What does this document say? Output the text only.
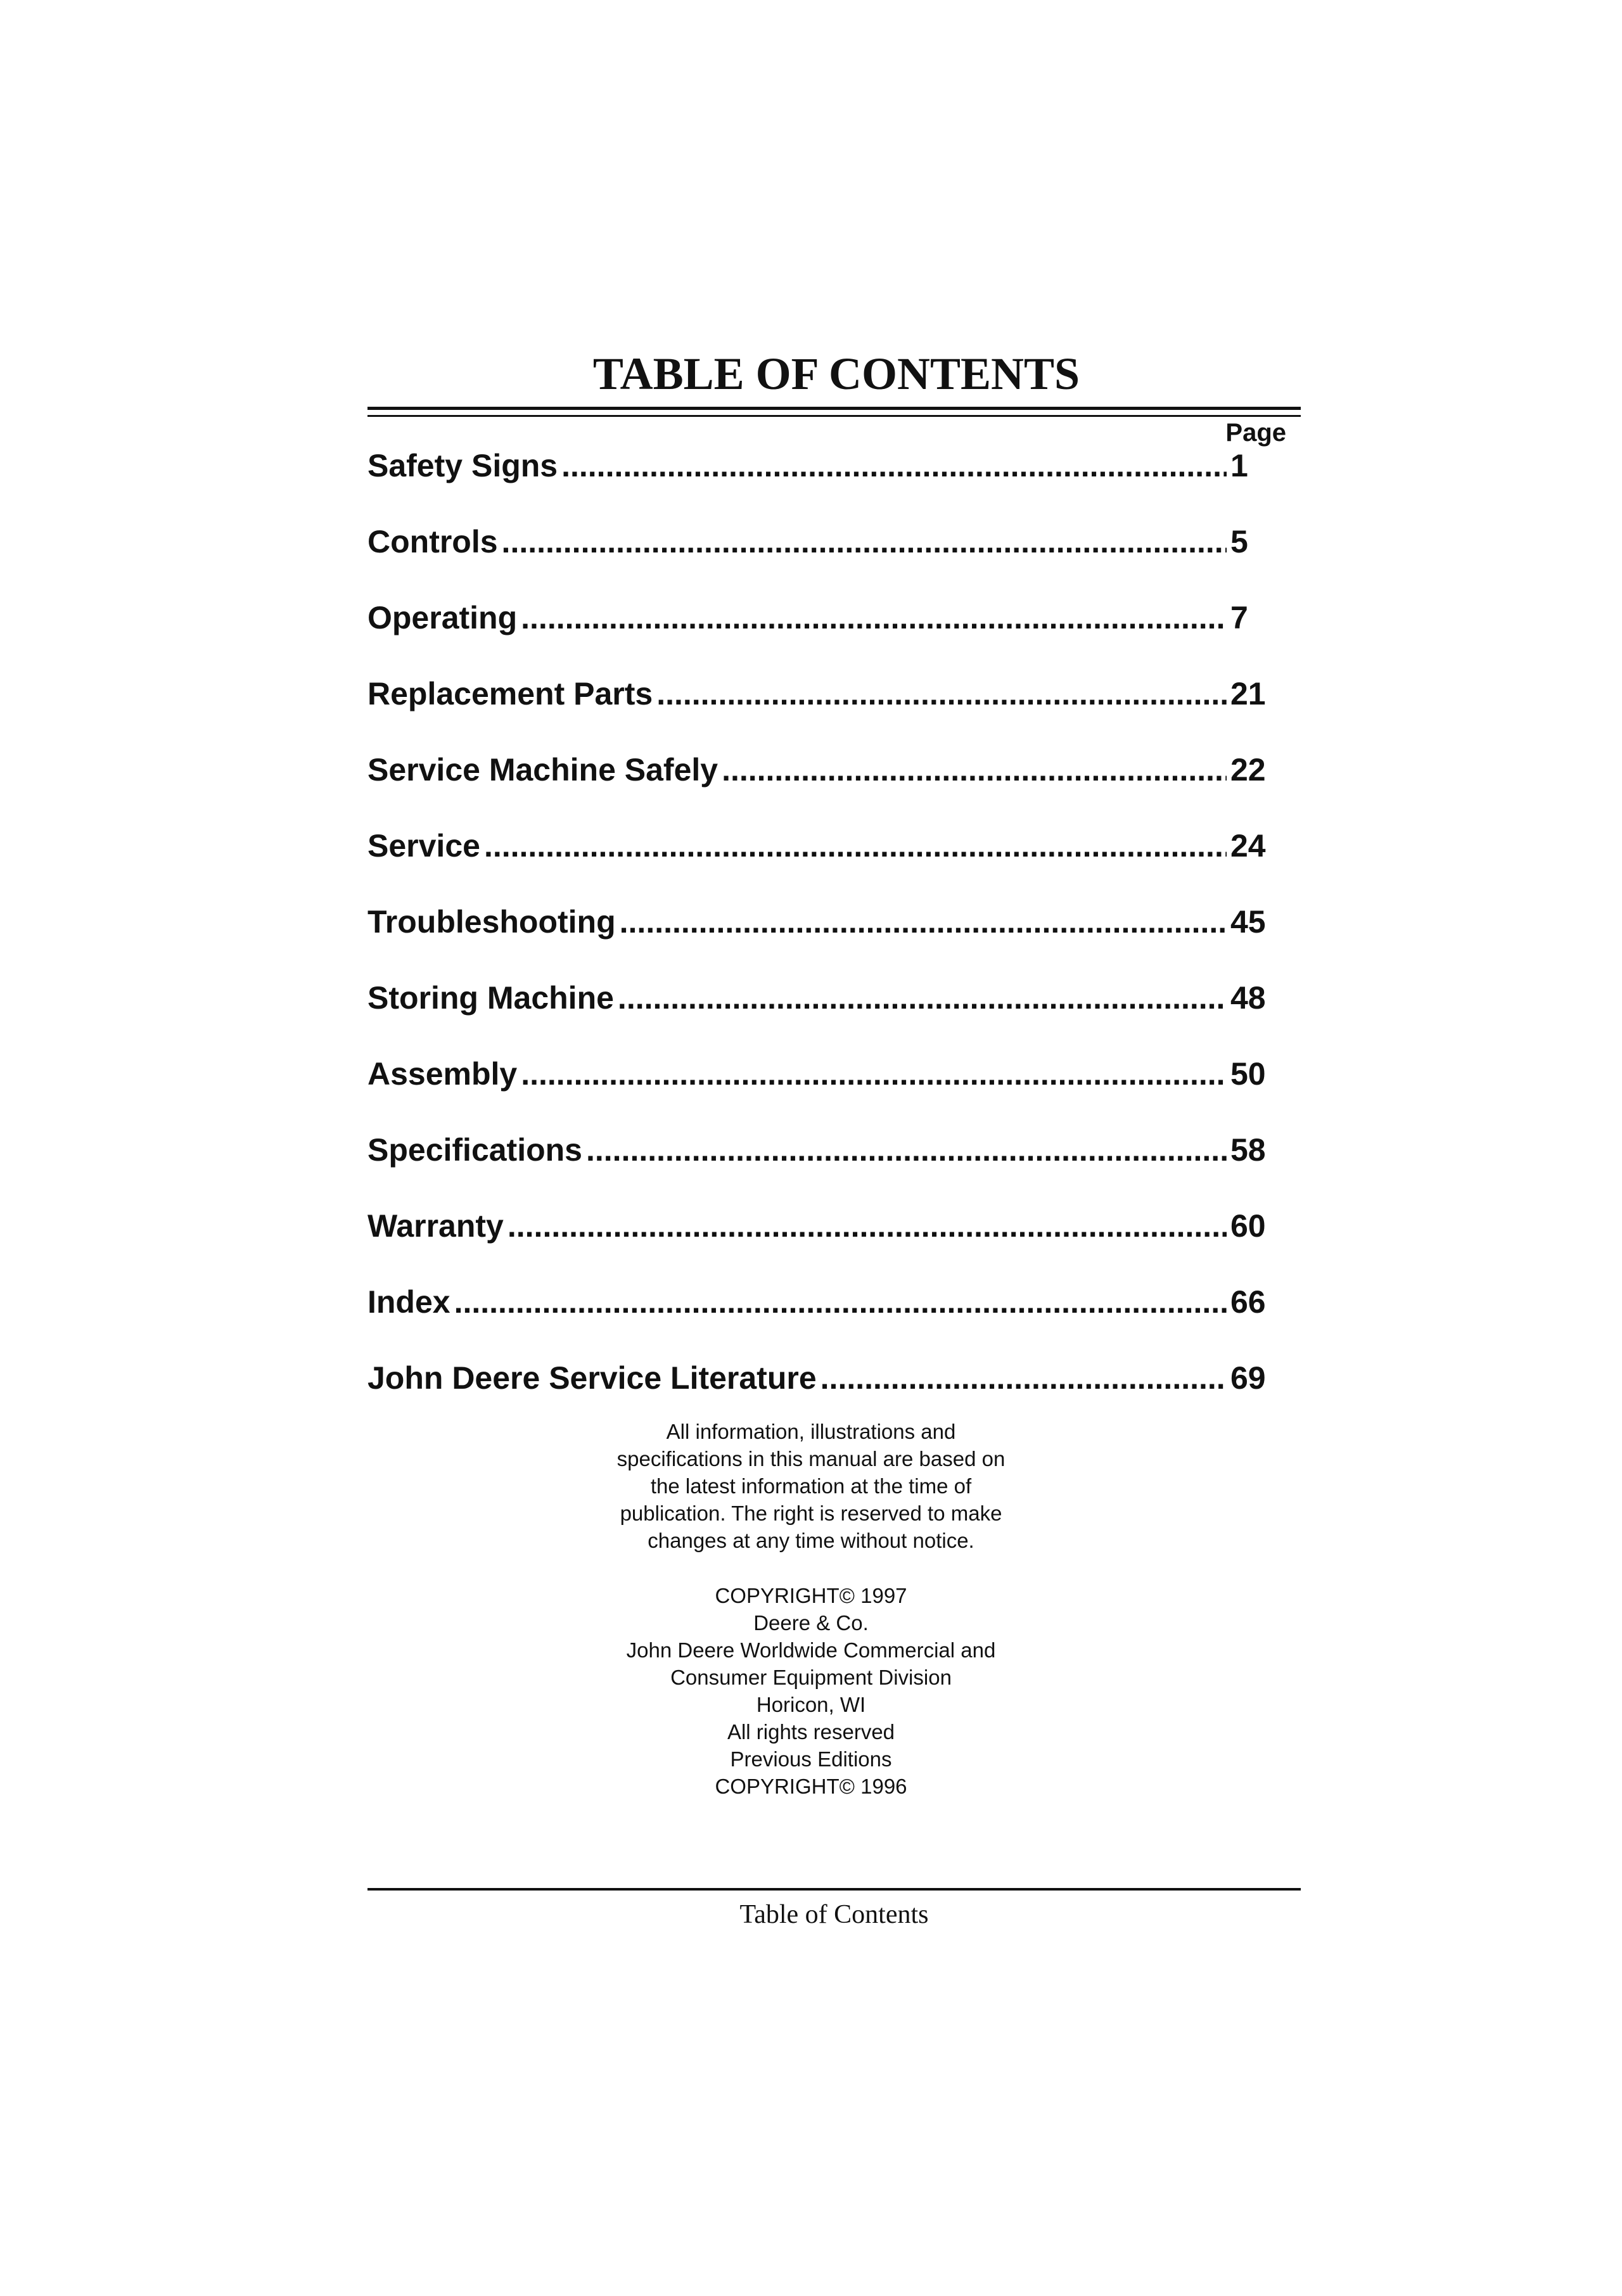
TABLE OF CONTENTS
Page
Safety Signs .....	1
Controls .....	5
Operating .....	7
Replacement Parts .....	21
Service Machine Safely .....	22
Service .....	24
Troubleshooting .....	45
Storing Machine .....	48
Assembly .....	50
Specifications .....	58
Warranty .....	60
Index .....	66
John Deere Service Literature .....	69
All information, illustrations and
specifications in this manual are based on
the latest information at the time of
publication. The right is reserved to make
changes at any time without notice.
COPYRIGHT© 1997
Deere & Co.
John Deere Worldwide Commercial and
Consumer Equipment Division
Horicon, WI
All rights reserved
Previous Editions
COPYRIGHT© 1996
Table of Contents
